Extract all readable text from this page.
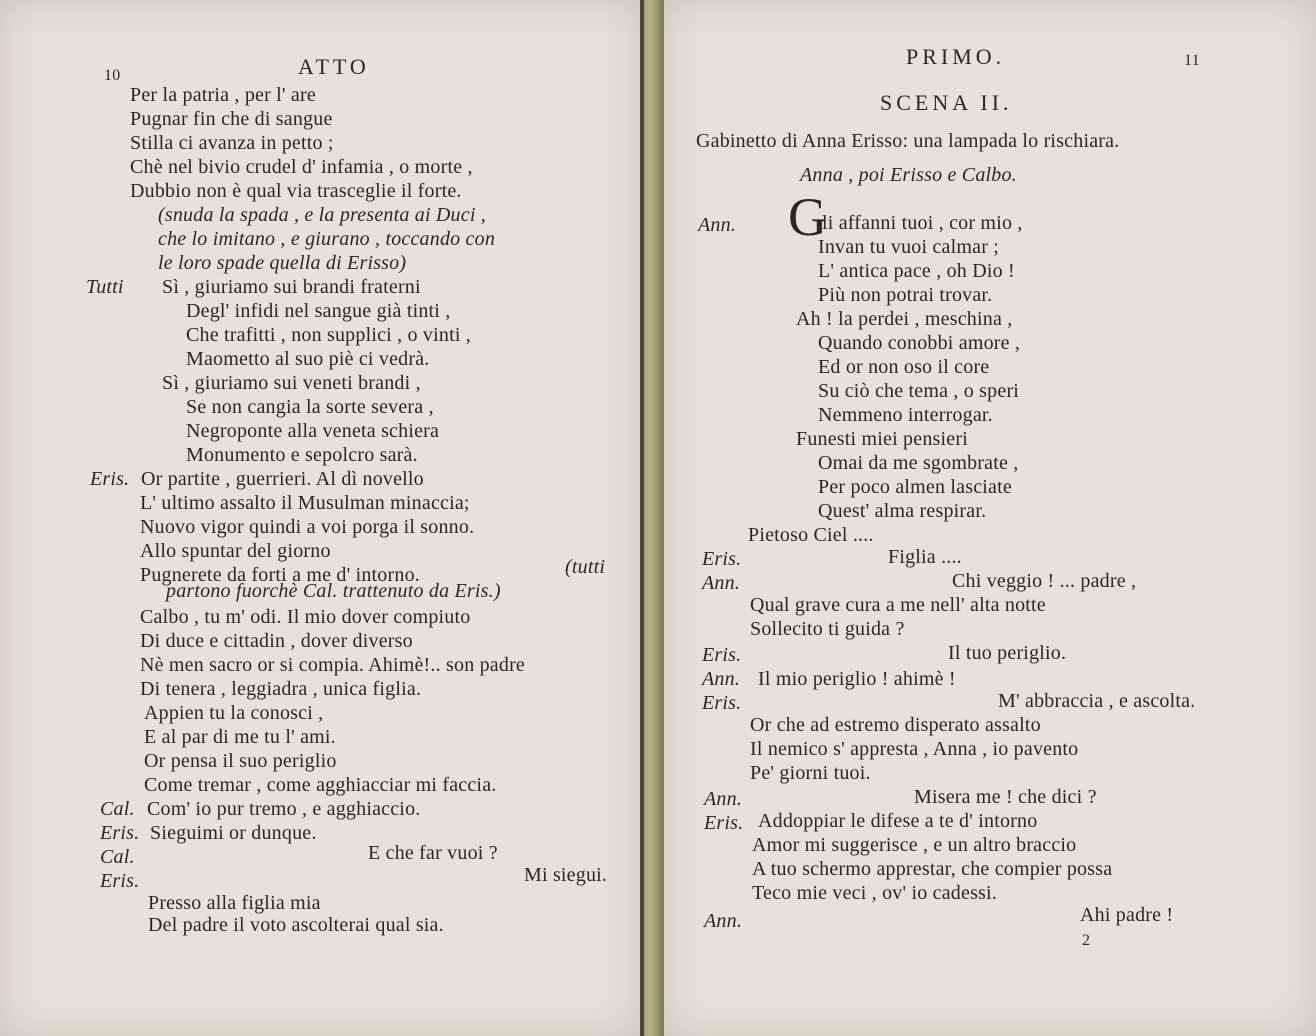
10	ATTO
Per la patria , per l' are
Pugnar fin che di sangue
Stilla ci avanza in petto ;
Chè nel bivio crudel d' infamia , o morte ,
Dubbio non è qual via trasceglie il forte.
(snuda la spada , e la presenta ai Duci ,
che lo imitano , e giurano , toccando con
le loro spade quella di Erisso)
Tutti Sì , giuriamo sui brandi fraterni
Degl' infidi nel sangue già tinti ,
Che trafitti , non supplici , o vinti ,
Maometto al suo piè ci vedrà.
Sì , giuriamo sui veneti brandi ,
Se non cangia la sorte severa ,
Negroponte alla veneta schiera
Monumento e sepolcro sarà.
Eris. Or partite , guerrieri. Al dì novello
L' ultimo assalto il Musulman minaccia;
Nuovo vigor quindi a voi porga il sonno.
Allo spuntar del giorno
Pugnerete da forti a me d' intorno.	(tutti
partono fuorchè Cal. trattenuto da Eris.)
Calbo , tu m' odi. Il mio dover compiuto
Di duce e cittadin , dover diverso
Nè men sacro or si compia. Ahimè!.. son padre
Di tenera , leggiadra , unica figlia.
Appien tu la conosci ,
E al par di me tu l' ami.
Or pensa il suo periglio
Come tremar , come agghiacciar mi faccia.
Cal. Com' io pur tremo , e agghiaccio.
Eris. Sieguimi or dunque.
Cal.	E che far vuoi ?
Eris.	Mi siegui.
Presso alla figlia mia
Del padre il voto ascolterai qual sia.
PRIMO.	11
SCENA II.
Gabinetto di Anna Erisso: una lampada lo rischiara.
Anna , poi Erisso e Calbo.
Ann. G
li affanni tuoi , cor mio ,
Invan tu vuoi calmar ;
L' antica pace , oh Dio !
Più non potrai trovar.
Ah ! la perdei , meschina ,
Quando conobbi amore ,
Ed or non oso il core
Su ciò che tema , o speri
Nemmeno interrogar.
Funesti miei pensieri
Omai da me sgombrate ,
Per poco almen lasciate
Quest' alma respirar.
Pietoso Ciel ....
Eris.	Figlia ....
Ann.	Chi veggio ! ... padre ,
Qual grave cura a me nell' alta notte
Sollecito ti guida ?
Eris.	Il tuo periglio.
Ann. Il mio periglio ! ahimè !
Eris.	M' abbraccia , e ascolta.
Or che ad estremo disperato assalto
Il nemico s' appresta , Anna , io pavento
Pe' giorni tuoi.
Ann.	Misera me ! che dici ?
Eris. Addoppiar le difese a te d' intorno
Amor mi suggerisce , e un altro braccio
A tuo schermo apprestar, che compier possa
Teco mie veci , ov' io cadessi.
Ann.	Ahi padre !
2
